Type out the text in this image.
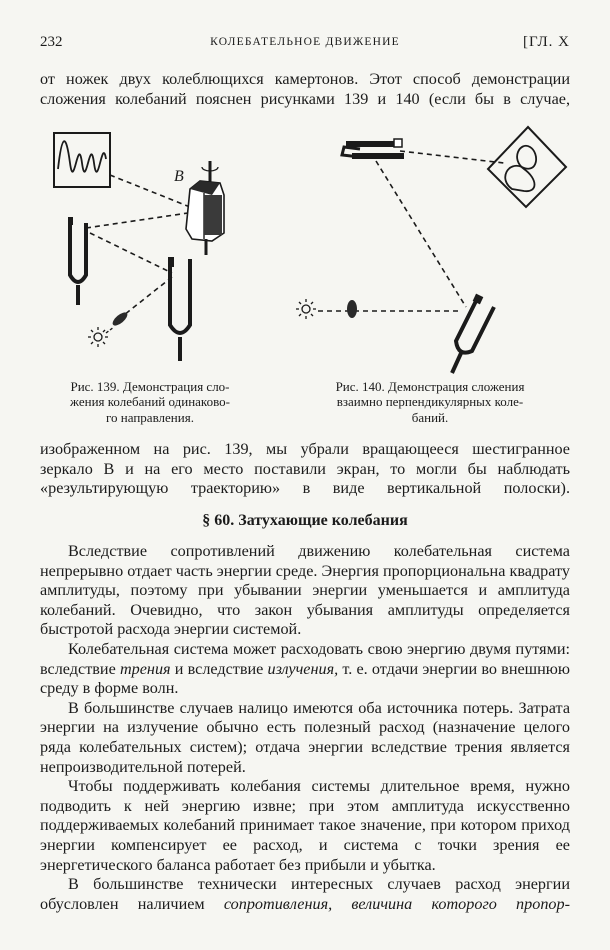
232	КОЛЕБАТЕЛЬНОЕ ДВИЖЕНИЕ	[ГЛ. X

от ножек двух колеблющихся камертонов. Этот способ демонстрации

сложения колебаний пояснен рисунками 139 и 140 (если бы в случае,

B
Рис. 139. Демонстрация сло-
жения колебаний одинаково-
го направления.
Рис. 140. Демонстрация сложения
взаимно перпендикулярных коле-
баний.

изображенном на рис. 139, мы убрали вращающееся шестигранное

зеркало B и на его место поставили экран, то могли бы наблюдать

«результирующую траекторию» в виде вертикальной полоски).

§ 60. Затухающие колебания

Вследствие сопротивлений движению колебательная система непрерывно отдает часть энергии среде. Энергия пропорциональна квадрату амплитуды, поэтому при убывании энергии уменьшается и амплитуда колебаний. Очевидно, что закон убывания амплитуды определяется быстротой расхода энергии системой.

Колебательная система может расходовать свою энергию двумя путями: вследствие трения и вследствие излучения, т. е. отдачи энергии во внешнюю среду в форме волн.

В большинстве случаев налицо имеются оба источника потерь. Затрата энергии на излучение обычно есть полезный расход (назначение целого ряда колебательных систем); отдача энергии вследствие трения является непроизводительной потерей.

Чтобы поддерживать колебания системы длительное время, нужно подводить к ней энергию извне; при этом амплитуда искусственно поддерживаемых колебаний принимает такое значение, при котором приход энергии компенсирует ее расход, и система с точки зрения ее энергетического баланса работает без прибыли и убытка.

В большинстве технически интересных случаев расход энергии обусловлен наличием сопротивления, величина которого пропор-
